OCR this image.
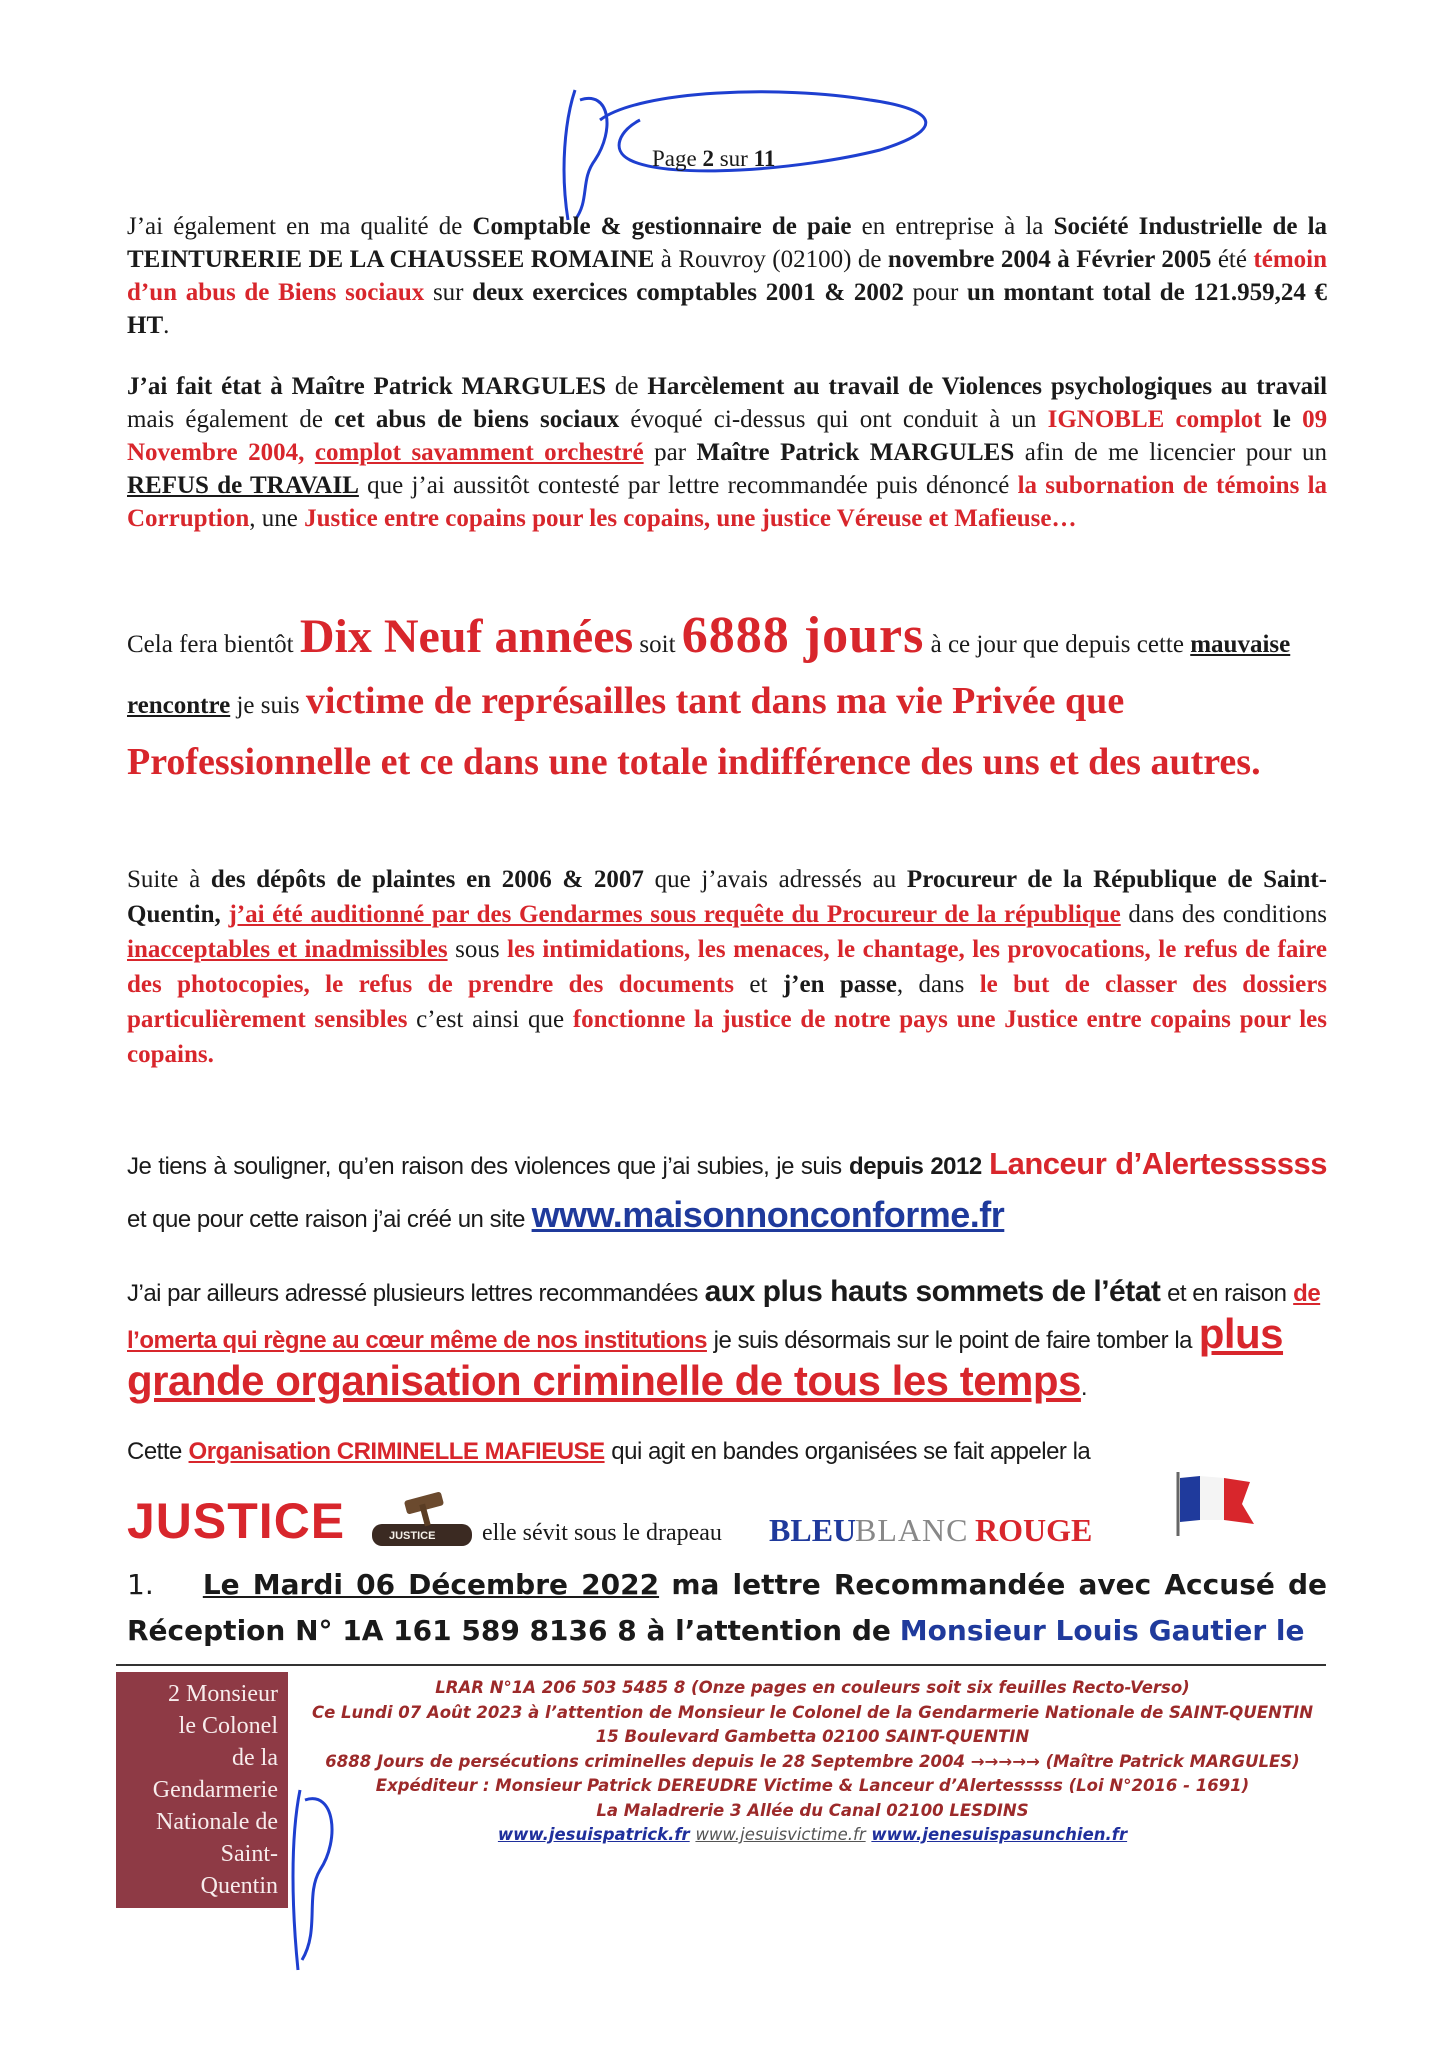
Page 2 sur 11
J’ai également en ma qualité de Comptable & gestionnaire de paie en entreprise à la Société Industrielle de la TEINTURERIE DE LA CHAUSSEE ROMAINE à Rouvroy (02100) de novembre 2004 à Février 2005 été témoin d’un abus de Biens sociaux sur deux exercices comptables 2001 & 2002 pour un montant total de 121.959,24 € HT.
J’ai fait état à Maître Patrick MARGULES de Harcèlement au travail de Violences psychologiques au travail mais également de cet abus de biens sociaux évoqué ci-dessus qui ont conduit à un IGNOBLE complot le 09 Novembre 2004, complot savamment orchestré par Maître Patrick MARGULES afin de me licencier pour un REFUS de TRAVAIL que j’ai aussitôt contesté par lettre recommandée puis dénoncé la subornation de témoins la Corruption, une Justice entre copains pour les copains, une justice Véreuse et Mafieuse…
Cela fera bientôt Dix Neuf années soit 6888 jours à ce jour que depuis cette mauvaise rencontre je suis victime de représailles tant dans ma vie Privée que Professionnelle et ce dans une totale indifférence des uns et des autres.
Suite à des dépôts de plaintes en 2006 & 2007 que j’avais adressés au Procureur de la République de Saint-Quentin, j’ai été auditionné par des Gendarmes sous requête du Procureur de la république dans des conditions inacceptables et inadmissibles sous les intimidations, les menaces, le chantage, les provocations, le refus de faire des photocopies, le refus de prendre des documents et j’en passe, dans le but de classer des dossiers particulièrement sensibles c’est ainsi que fonctionne la justice de notre pays une Justice entre copains pour les copains.
Je tiens à souligner, qu’en raison des violences que j’ai subies, je suis depuis 2012 Lanceur d’Alertessssss et que pour cette raison j’ai créé un site www.maisonnonconforme.fr
J’ai par ailleurs adressé plusieurs lettres recommandées aux plus hauts sommets de l’état et en raison de l’omerta qui règne au cœur même de nos institutions je suis désormais sur le point de faire tomber la plus grande organisation criminelle de tous les temps.
Cette Organisation CRIMINELLE MAFIEUSE qui agit en bandes organisées se fait appeler la
JUSTICE	JUSTICE elle sévit sous le drapeau BLEU
BLANC ROUGE
1. Le Mardi 06 Décembre 2022 ma lettre Recommandée avec Accusé de Réception N° 1A 161 589 8136 8 à l’attention de Monsieur Louis Gautier le
2 Monsieur
le Colonel
de la
Gendarmerie
Nationale de
Saint-
Quentin
LRAR N°1A 206 503 5485 8 (Onze pages en couleurs soit six feuilles Recto-Verso)
Ce Lundi 07 Août 2023 à l’attention de Monsieur le Colonel de la Gendarmerie Nationale de SAINT-QUENTIN
15 Boulevard Gambetta 02100 SAINT-QUENTIN
6888 Jours de persécutions criminelles depuis le 28 Septembre 2004 →→→→→ (Maître Patrick MARGULES)
Expéditeur : Monsieur Patrick DEREUDRE Victime & Lanceur d’Alertesssss (Loi N°2016 - 1691)
La Maladrerie 3 Allée du Canal 02100 LESDINS
www.jesuispatrick.fr www.jesuisvictime.fr www.jenesuispasunchien.fr
